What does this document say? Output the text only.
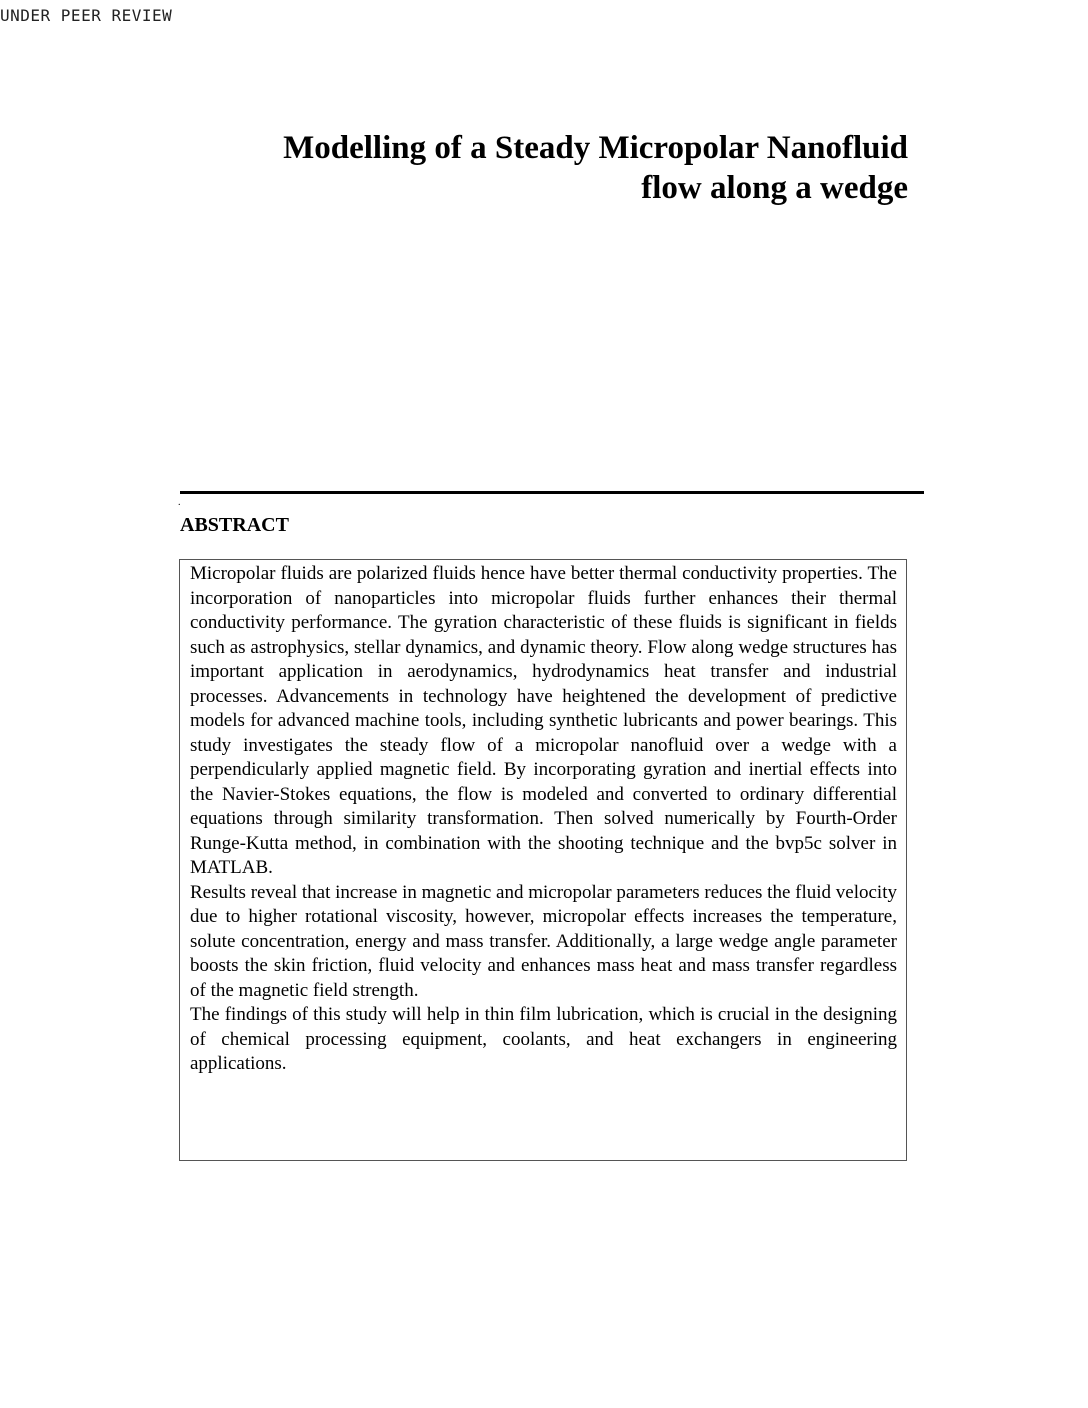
UNDER PEER REVIEW
Modelling of a Steady Micropolar Nanofluid
flow along a wedge
.
ABSTRACT

Micropolar fluids are polarized fluids hence have better thermal conductivity properties. The incorporation of nanoparticles into micropolar fluids further enhances their thermal conductivity performance. The gyration characteristic of these fluids is significant in fields such as astrophysics, stellar dynamics, and dynamic theory. Flow along wedge structures has important application in aerodynamics, hydrodynamics heat transfer and industrial processes. Advancements in technology have heightened the development of predictive models for advanced machine tools, including synthetic lubricants and power bearings. This study investigates the steady flow of a micropolar nanofluid over a wedge with a perpendicularly applied magnetic field. By incorporating gyration and inertial effects into the Navier-Stokes equations, the flow is modeled and converted to ordinary differential equations through similarity transformation. Then solved numerically by Fourth-Order Runge-Kutta method, in combination with the shooting technique and the bvp5c solver in MATLAB.

Results reveal that increase in magnetic and micropolar parameters reduces the fluid velocity due to higher rotational viscosity, however, micropolar effects increases the temperature, solute concentration, energy and mass transfer. Additionally, a large wedge angle parameter boosts the skin friction, fluid velocity and enhances mass heat and mass transfer regardless of the magnetic field strength.

The findings of this study will help in thin film lubrication, which is crucial in the designing of chemical processing equipment, coolants, and heat exchangers in engineering applications.
